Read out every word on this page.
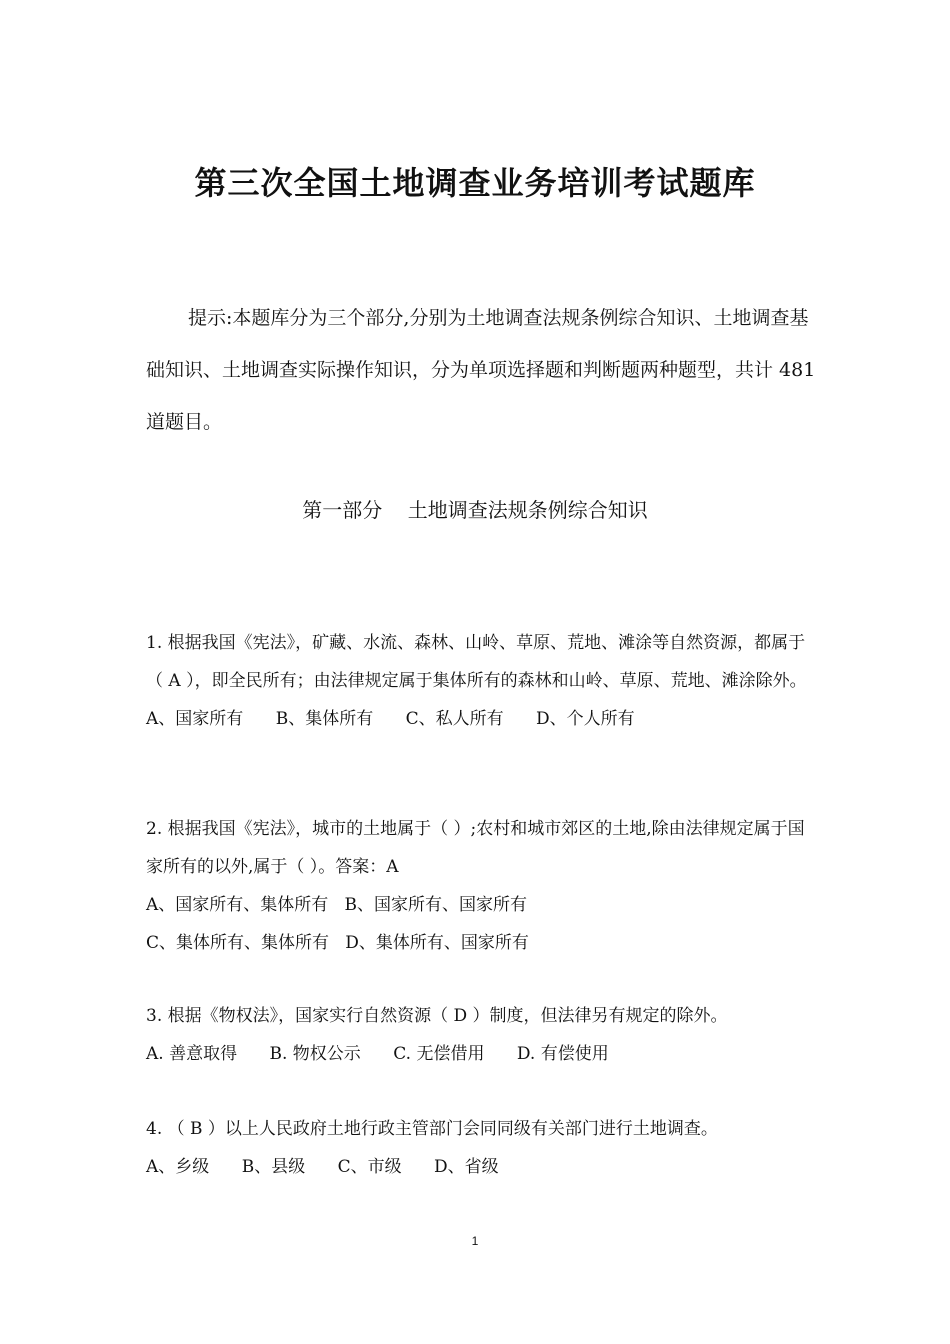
第三次全国土地调查业务培训考试题库

提示:本题库分为三个部分,分别为土地调查法规条例综合知识、土地调查基础知识、土地调查实际操作知识，分为单项选择题和判断题两种题型，共计 481 道题目。

第一部分 土地调查法规条例综合知识

1. 根据我国《宪法》，矿藏、水流、森林、山岭、草原、荒地、滩涂等自然资源，都属于（ A ），即全民所有；由法律规定属于集体所有的森林和山岭、草原、荒地、滩涂除外。

A、国家所有      B、集体所有      C、私人所有      D、个人所有

2. 根据我国《宪法》，城市的土地属于（ ）;农村和城市郊区的土地,除由法律规定属于国家所有的以外,属于（ ）。答案：A

A、国家所有、集体所有   B、国家所有、国家所有

C、集体所有、集体所有   D、集体所有、国家所有

3. 根据《物权法》，国家实行自然资源（ D ）制度，但法律另有规定的除外。

A. 善意取得      B. 物权公示      C. 无偿借用      D. 有偿使用

4. （ B ）以上人民政府土地行政主管部门会同同级有关部门进行土地调查。

A、乡级      B、县级      C、市级      D、省级

1
